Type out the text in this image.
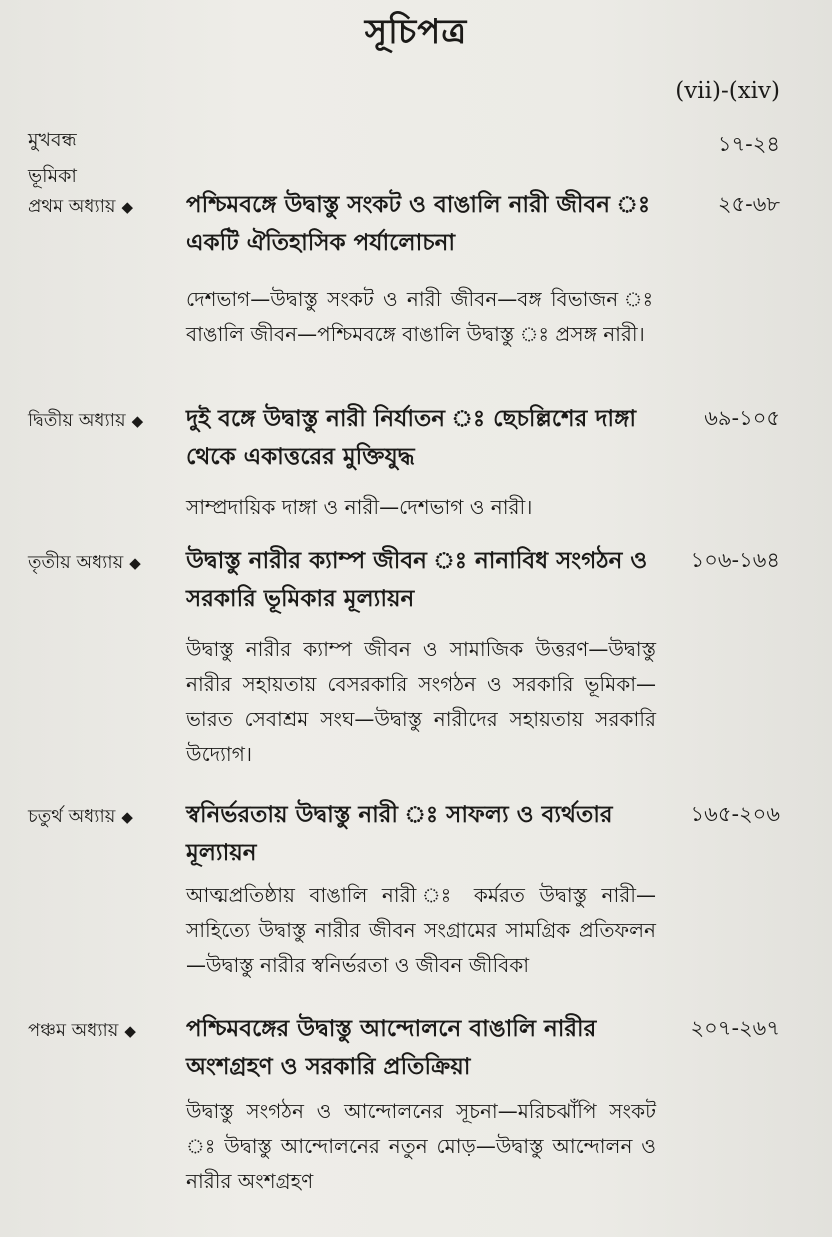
সূচিপত্র
(vii)-(xiv)
মুখবন্ধ	১৭-২৪
ভূমিকা
প্রথম অধ্যায় ◆ পশ্চিমবঙ্গে উদ্বাস্তু সংকট ও বাঙালি নারী জীবন ঃ একটি ঐতিহাসিক পর্যালোচনা
২৫-৬৮
দেশভাগ—উদ্বাস্তু সংকট ও নারী জীবন—বঙ্গ বিভাজন ঃ বাঙালি জীবন—পশ্চিমবঙ্গে বাঙালি উদ্বাস্তু ঃ প্রসঙ্গ নারী।
দ্বিতীয় অধ্যায় ◆ দুই বঙ্গে উদ্বাস্তু নারী নির্যাতন ঃ ছেচল্লিশের দাঙ্গা থেকে একাত্তরের মুক্তিযুদ্ধ
৬৯-১০৫
সাম্প্রদায়িক দাঙ্গা ও নারী—দেশভাগ ও নারী।
তৃতীয় অধ্যায় ◆ উদ্বাস্তু নারীর ক্যাম্প জীবন ঃ নানাবিধ সংগঠন ও সরকারি ভূমিকার মূল্যায়ন
১০৬-১৬৪
উদ্বাস্তু নারীর ক্যাম্প জীবন ও সামাজিক উত্তরণ—উদ্বাস্তু নারীর সহায়তায় বেসরকারি সংগঠন ও সরকারি ভূমিকা—ভারত সেবাশ্রম সংঘ—উদ্বাস্তু নারীদের সহায়তায় সরকারি উদ্যোগ।
চতুর্থ অধ্যায় ◆ স্বনির্ভরতায় উদ্বাস্তু নারী ঃ সাফল্য ও ব্যর্থতার মূল্যায়ন
১৬৫-২০৬
আত্মপ্রতিষ্ঠায় বাঙালি নারী ঃ কর্মরত উদ্বাস্তু নারী—সাহিত্যে উদ্বাস্তু নারীর জীবন সংগ্রামের সামগ্রিক প্রতিফলন—উদ্বাস্তু নারীর স্বনির্ভরতা ও জীবন জীবিকা
পঞ্চম অধ্যায় ◆ পশ্চিমবঙ্গের উদ্বাস্তু আন্দোলনে বাঙালি নারীর অংশগ্রহণ ও সরকারি প্রতিক্রিয়া
২০৭-২৬৭
উদ্বাস্তু সংগঠন ও আন্দোলনের সূচনা—মরিচঝাঁপি সংকট ঃ উদ্বাস্তু আন্দোলনের নতুন মোড়—উদ্বাস্তু আন্দোলন ও নারীর অংশগ্রহণ
